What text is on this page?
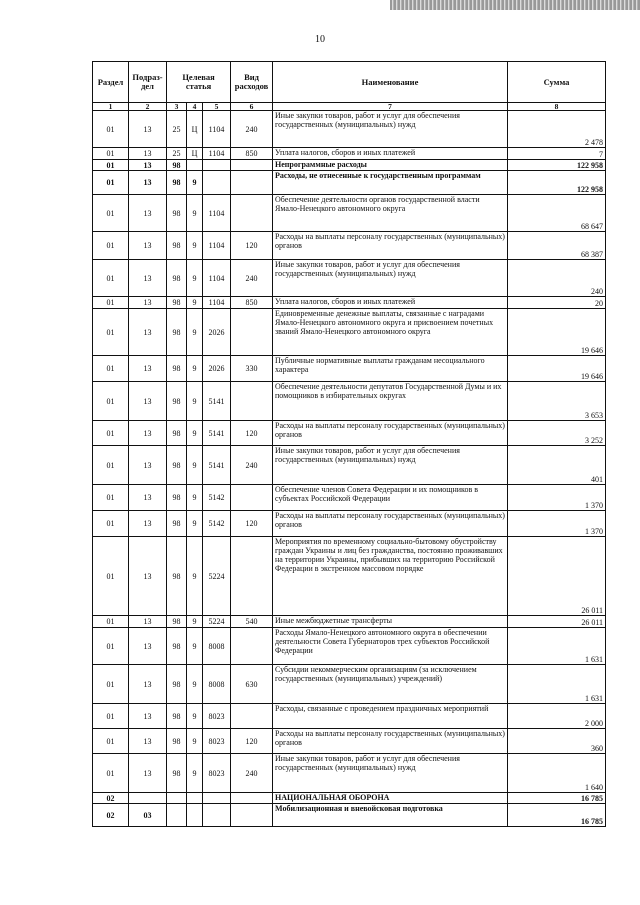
10
Раздел	Подраз-дел	Целевая статья			Вид расходов	Наименование	Сумма
1	2	3	4	5	6	7	8
01	13	25	Ц	1104	240	Иные закупки товаров, работ и услуг для обеспечения государственных (муниципальных) нужд	2 478
01	13	25	Ц	1104	850	Уплата налогов, сборов и иных платежей	7
01	13	98				Непрограммные расходы	122 958
01	13	98	9			Расходы, не отнесенные к государственным программам	122 958
01	13	98	9	1104		Обеспечение деятельности органов государственной власти Ямало-Ненецкого автономного округа	68 647
01	13	98	9	1104	120	Расходы на выплаты персоналу государственных (муниципальных) органов	68 387
01	13	98	9	1104	240	Иные закупки товаров, работ и услуг для обеспечения государственных (муниципальных) нужд	240
01	13	98	9	1104	850	Уплата налогов, сборов и иных платежей	20
01	13	98	9	2026		Единовременные денежные выплаты, связанные с наградами Ямало-Ненецкого автономного округа и присвоением почетных званий Ямало-Ненецкого автономного округа	19 646
01	13	98	9	2026	330	Публичные нормативные выплаты гражданам несоциального характера	19 646
01	13	98	9	5141		Обеспечение деятельности депутатов Государственной Думы и их помощников в избирательных округах	3 653
01	13	98	9	5141	120	Расходы на выплаты персоналу государственных (муниципальных) органов	3 252
01	13	98	9	5141	240	Иные закупки товаров, работ и услуг для обеспечения государственных (муниципальных) нужд	401
01	13	98	9	5142		Обеспечение членов Совета Федерации и их помощников в субъектах Российской Федерации	1 370
01	13	98	9	5142	120	Расходы на выплаты персоналу государственных (муниципальных) органов	1 370
01	13	98	9	5224		Мероприятия по временному социально-бытовому обустройству граждан Украины и лиц без гражданства, постоянно проживавших на территории Украины, прибывших на территорию Российской Федерации в экстренном массовом порядке	26 011
01	13	98	9	5224	540	Иные межбюджетные трансферты	26 011
01	13	98	9	8008		Расходы Ямало-Ненецкого автономного округа в обеспечении деятельности Совета Губернаторов трех субъектов Российской Федерации	1 631
01	13	98	9	8008	630	Субсидии некоммерческим организациям (за исключением государственных (муниципальных) учреждений)	1 631
01	13	98	9	8023		Расходы, связанные с проведением праздничных мероприятий	2 000
01	13	98	9	8023	120	Расходы на выплаты персоналу государственных (муниципальных) органов	360
01	13	98	9	8023	240	Иные закупки товаров, работ и услуг для обеспечения государственных (муниципальных) нужд	1 640
02						НАЦИОНАЛЬНАЯ ОБОРОНА	16 785
02	03					Мобилизационная и вневойсковая подготовка	16 785
